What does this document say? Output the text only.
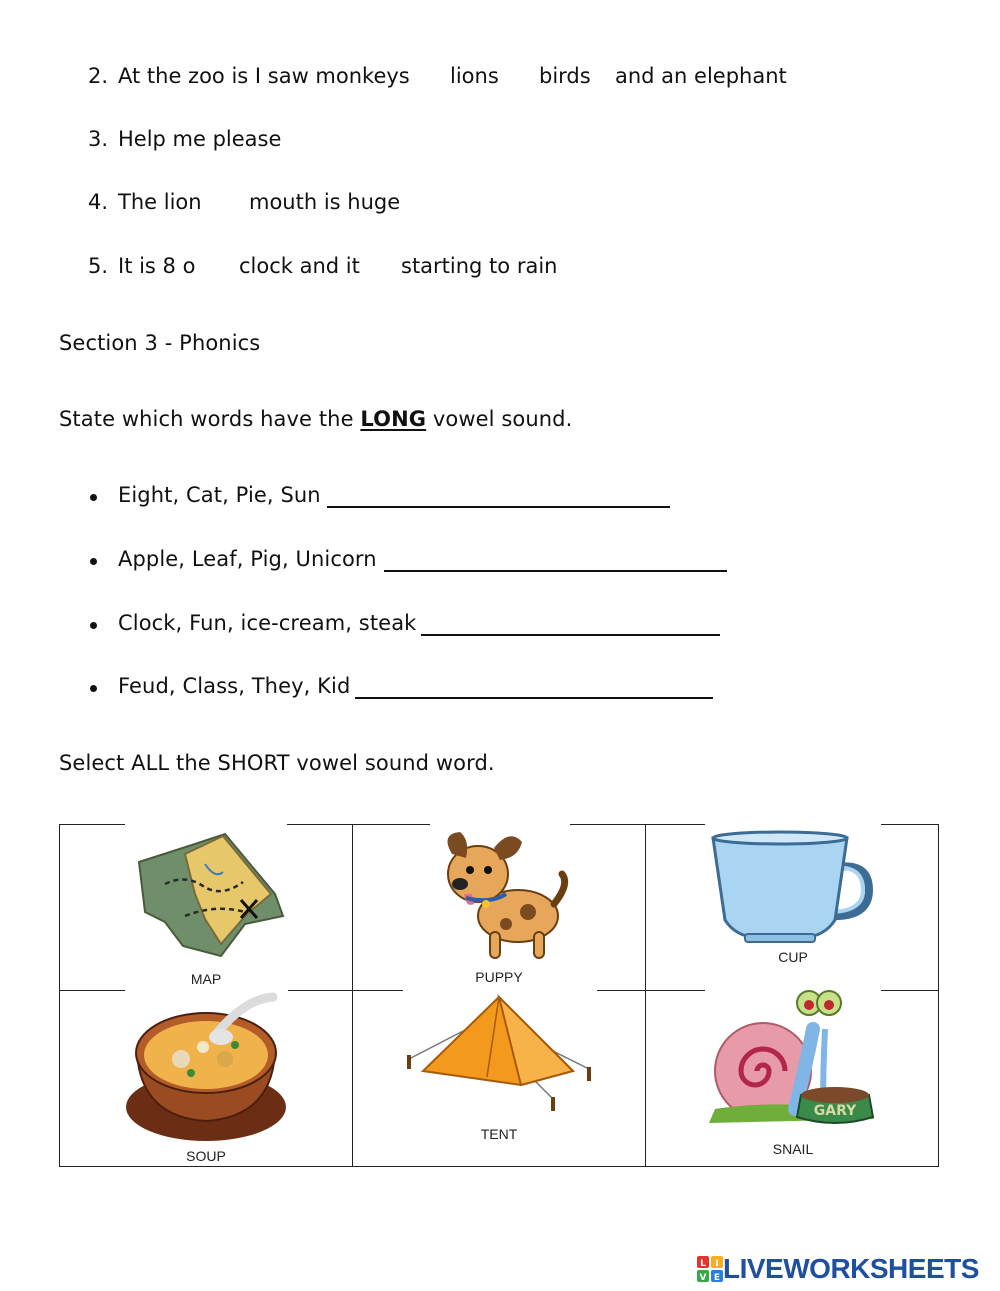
2. At the zoo is I saw monkeys lions birds and an elephant
3. Help me please
4. The lion mouth is huge
5. It is 8 o clock and it starting to rain
Section 3 - Phonics
State which words have the LONG vowel sound.
Eight, Cat, Pie, Sun
Apple, Leaf, Pig, Unicorn
Clock, Fun, ice-cream, steak
Feud, Class, They, Kid
Select ALL the SHORT vowel sound word.
MAP	PUPPY
CUP
SOUP
TENT
GARY
SNAIL
L I
V E LIVEWORKSHEETS
